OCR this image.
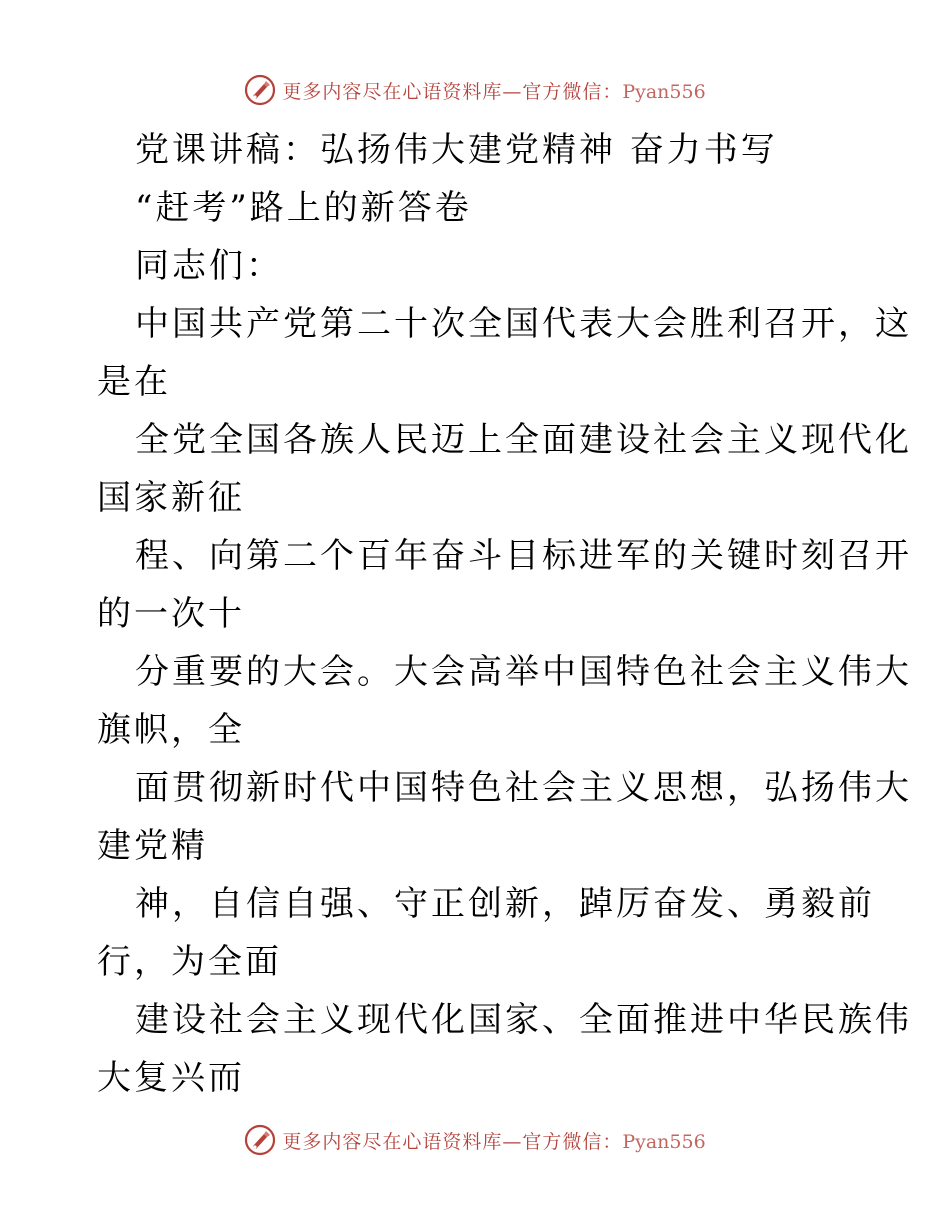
更多内容尽在心语资料库—官方微信：Pyan556
党课讲稿：弘扬伟大建党精神 奋力书写
“赶考”路上的新答卷
同志们：
中国共产党第二十次全国代表大会胜利召开，这
是在
全党全国各族人民迈上全面建设社会主义现代化
国家新征
程、向第二个百年奋斗目标进军的关键时刻召开
的一次十
分重要的大会。大会高举中国特色社会主义伟大
旗帜，全
面贯彻新时代中国特色社会主义思想，弘扬伟大
建党精
神，自信自强、守正创新，踔厉奋发、勇毅前
行，为全面
建设社会主义现代化国家、全面推进中华民族伟
大复兴而
更多内容尽在心语资料库—官方微信：Pyan556
